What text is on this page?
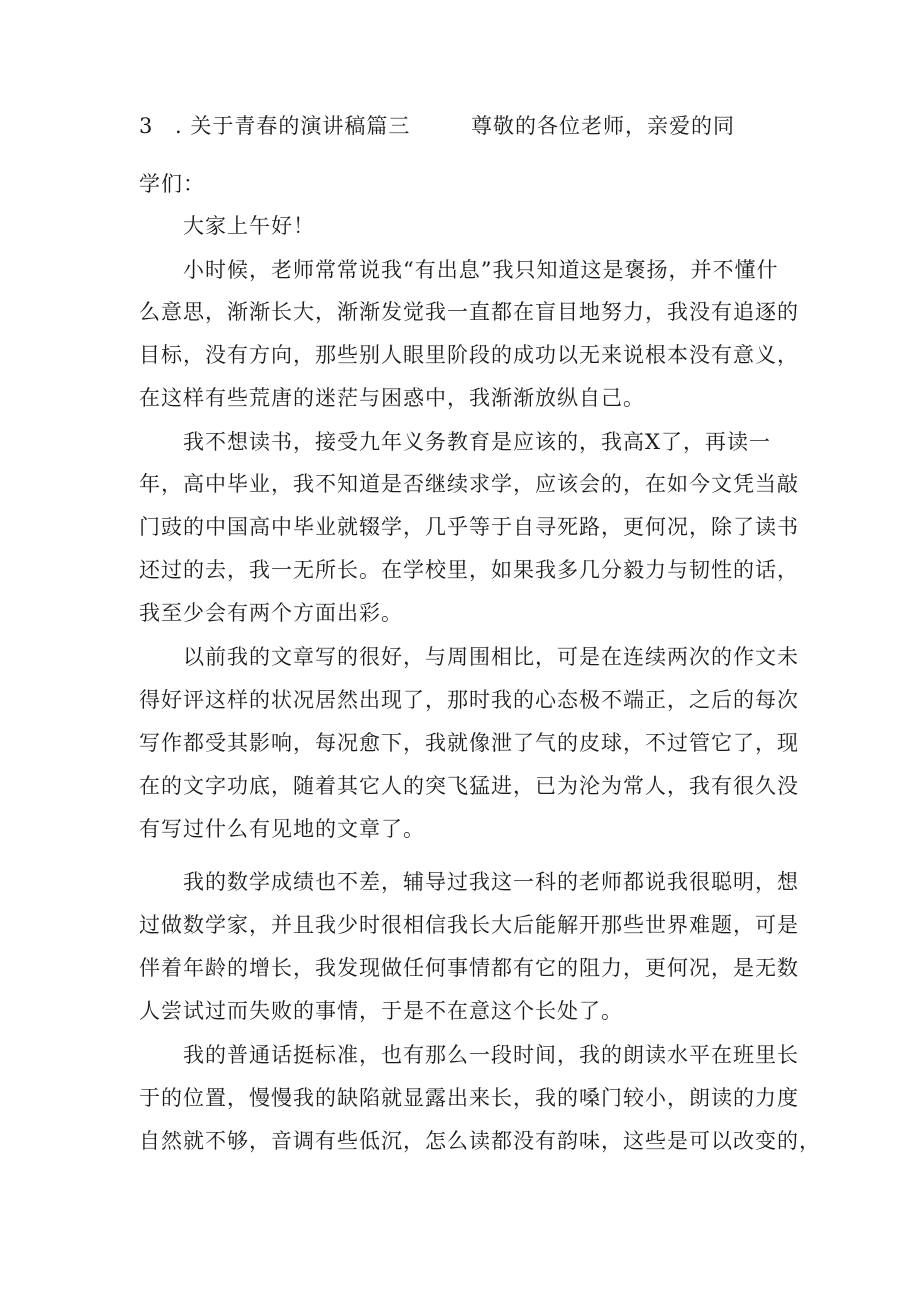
3 . 关于青春的演讲稿篇三	尊敬的各位老师，亲爱的同
学们：
大家上午好！
小时候，老师常常说我“有出息”我只知道这是褒扬，并不懂什
么意思，渐渐长大，渐渐发觉我一直都在盲目地努力，我没有追逐的
目标，没有方向，那些别人眼里阶段的成功以无来说根本没有意义，
在这样有些荒唐的迷茫与困惑中，我渐渐放纵自己。
我不想读书，接受九年义务教育是应该的，我高Ⅹ了，再读一
年，高中毕业，我不知道是否继续求学，应该会的，在如今文凭当敲
门豉的中国高中毕业就辍学，几乎等于自寻死路，更何况，除了读书
还过的去，我一无所长。在学校里，如果我多几分毅力与韧性的话，
我至少会有两个方面出彩。
以前我的文章写的很好，与周围相比，可是在连续两次的作文未
得好评这样的状况居然出现了，那时我的心态极不端正，之后的每次
写作都受其影响，每况愈下，我就像泄了气的皮球，不过管它了，现
在的文字功底，随着其它人的突飞猛进，已为沦为常人，我有很久没
有写过什么有见地的文章了。
我的数学成绩也不差，辅导过我这一科的老师都说我很聪明，想
过做数学家，并且我少时很相信我长大后能解开那些世界难题，可是
伴着年龄的增长，我发现做任何事情都有它的阻力，更何况，是无数
人尝试过而失败的事情，于是不在意这个长处了。
我的普通话挺标准，也有那么一段时间，我的朗读水平在班里长
于的位置，慢慢我的缺陷就显露出来长，我的嗓门较小，朗读的力度
自然就不够，音调有些低沉，怎么读都没有韵味，这些是可以改变的，
